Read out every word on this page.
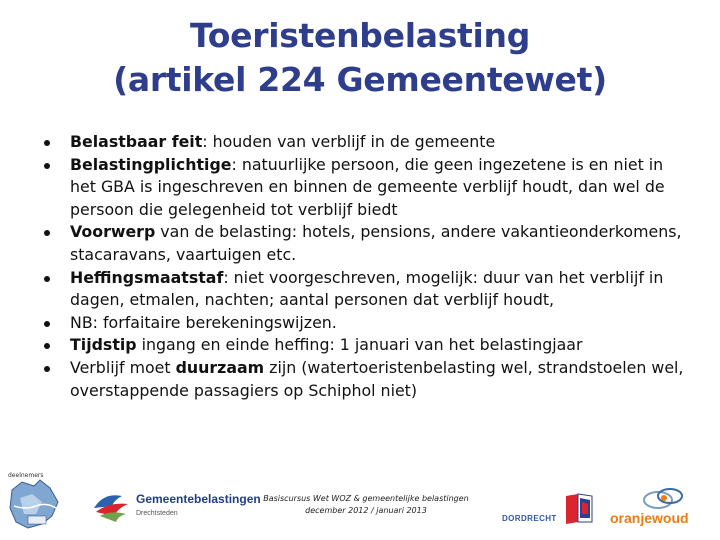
Toeristenbelasting
(artikel 224 Gemeentewet)
Belastbaar feit: houden van verblijf in de gemeente
Belastingplichtige: natuurlijke persoon, die geen ingezetene is en niet in het GBA is ingeschreven en binnen de gemeente verblijf houdt, dan wel de persoon die gelegenheid tot verblijf biedt
Voorwerp van de belasting: hotels, pensions, andere vakantieonderkomens, stacaravans, vaartuigen etc.
Heffingsmaatstaf: niet voorgeschreven, mogelijk: duur van het verblijf in dagen, etmalen, nachten; aantal personen dat verblijf houdt,
NB: forfaitaire berekeningswijzen.
Tijdstip ingang en einde heffing: 1 januari van het belastingjaar
Verblijf moet duurzaam zijn (watertoeristenbelasting wel, strandstoelen wel, overstappende passagiers op Schiphol niet)
deelnemers
Gemeentebelastingen
Drechtsteden
Basiscursus Wet WOZ & gemeentelijke belastingen
december 2012 / januari 2013
DORDRECHT	oranjewoud
